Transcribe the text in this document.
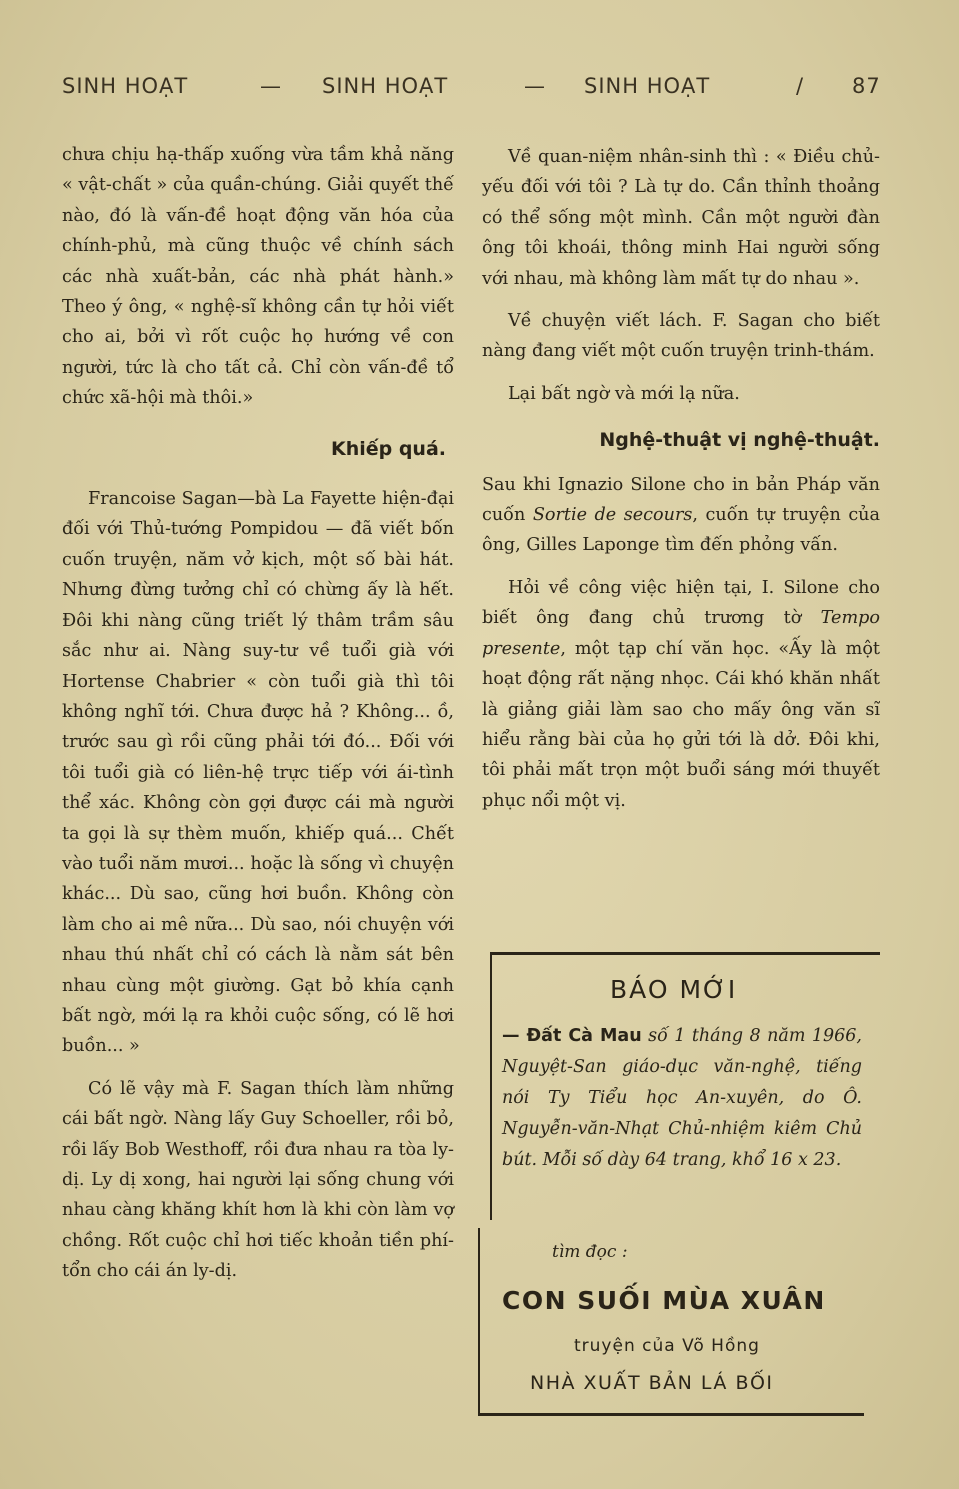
SINH HOẠT	— SINH HOẠT	— SINH HOẠT	/ 87

chưa chịu hạ-thấp xuống vừa tầm khả năng « vật-chất » của quần-chúng. Giải quyết thế nào, đó là vấn-đề hoạt động văn hóa của chính-phủ, mà cũng thuộc về chính sách các nhà xuất-bản, các nhà phát hành.» Theo ý ông, « nghệ-sĩ không cần tự hỏi viết cho ai, bởi vì rốt cuộc họ hướng về con người, tức là cho tất cả. Chỉ còn vấn-đề tổ chức xã-hội mà thôi.»

Khiếp quá.

Francoise Sagan—bà La Fayette hiện-đại đối với Thủ-tướng Pompidou — đã viết bốn cuốn truyện, năm vở kịch, một số bài hát. Nhưng đừng tưởng chỉ có chừng ấy là hết. Đôi khi nàng cũng triết lý thâm trầm sâu sắc như ai. Nàng suy-tư về tuổi già với Hortense Chabrier « còn tuổi già thì tôi không nghĩ tới. Chưa được hả ? Không... ồ, trước sau gì rồi cũng phải tới đó... Đối với tôi tuổi già có liên-hệ trực tiếp với ái-tình thể xác. Không còn gợi được cái mà người ta gọi là sự thèm muốn, khiếp quá... Chết vào tuổi năm mươi... hoặc là sống vì chuyện khác... Dù sao, cũng hơi buồn. Không còn làm cho ai mê nữa... Dù sao, nói chuyện với nhau thú nhất chỉ có cách là nằm sát bên nhau cùng một giường. Gạt bỏ khía cạnh bất ngờ, mới lạ ra khỏi cuộc sống, có lẽ hơi buồn... »

Có lẽ vậy mà F. Sagan thích làm những cái bất ngờ. Nàng lấy Guy Schoeller, rồi bỏ, rồi lấy Bob Westhoff, rồi đưa nhau ra tòa ly-dị. Ly dị xong, hai người lại sống chung với nhau càng khăng khít hơn là khi còn làm vợ chồng. Rốt cuộc chỉ hơi tiếc khoản tiền phí-tổn cho cái án ly-dị.

Về quan-niệm nhân-sinh thì : « Điều chủ-yếu đối với tôi ? Là tự do. Cần thỉnh thoảng có thể sống một mình. Cần một người đàn ông tôi khoái, thông minh Hai người sống với nhau, mà không làm mất tự do nhau ».

Về chuyện viết lách. F. Sagan cho biết nàng đang viết một cuốn truyện trinh-thám.

Lại bất ngờ và mới lạ nữa.

Nghệ-thuật vị nghệ-thuật.

Sau khi Ignazio Silone cho in bản Pháp văn cuốn Sortie de secours, cuốn tự truyện của ông, Gilles Laponge tìm đến phỏng vấn.

Hỏi về công việc hiện tại, I. Silone cho biết ông đang chủ trương tờ Tempo presente, một tạp chí văn học. «Ấy là một hoạt động rất nặng nhọc. Cái khó khăn nhất là giảng giải làm sao cho mấy ông văn sĩ hiểu rằng bài của họ gửi tới là dở. Đôi khi, tôi phải mất trọn một buổi sáng mới thuyết phục nổi một vị.

BÁO MỚI
— Đất Cà Mau số 1 tháng 8 năm 1966, Nguyệt-San giáo-dục văn-nghệ, tiếng nói Ty Tiểu học An-xuyên, do Ô. Nguyễn-văn-Nhạt Chủ-nhiệm kiêm Chủ bút. Mỗi số dày 64 trang, khổ 16 x 23.
tìm đọc :
CON SUỐI MÙA XUÂN
truyện của Võ Hồng
NHÀ XUẤT BẢN LÁ BỐI
